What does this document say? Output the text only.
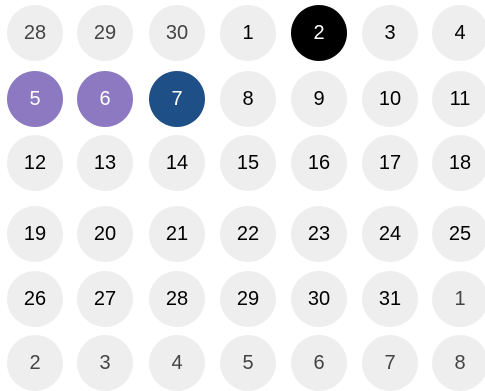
28	29	30	1	2	3	4
5	6	7	8	9	10	11
12	13	14	15	16	17	18
19	20	21	22	23	24	25
26	27	28	29	30	31	1
2	3	4	5	6	7	8
